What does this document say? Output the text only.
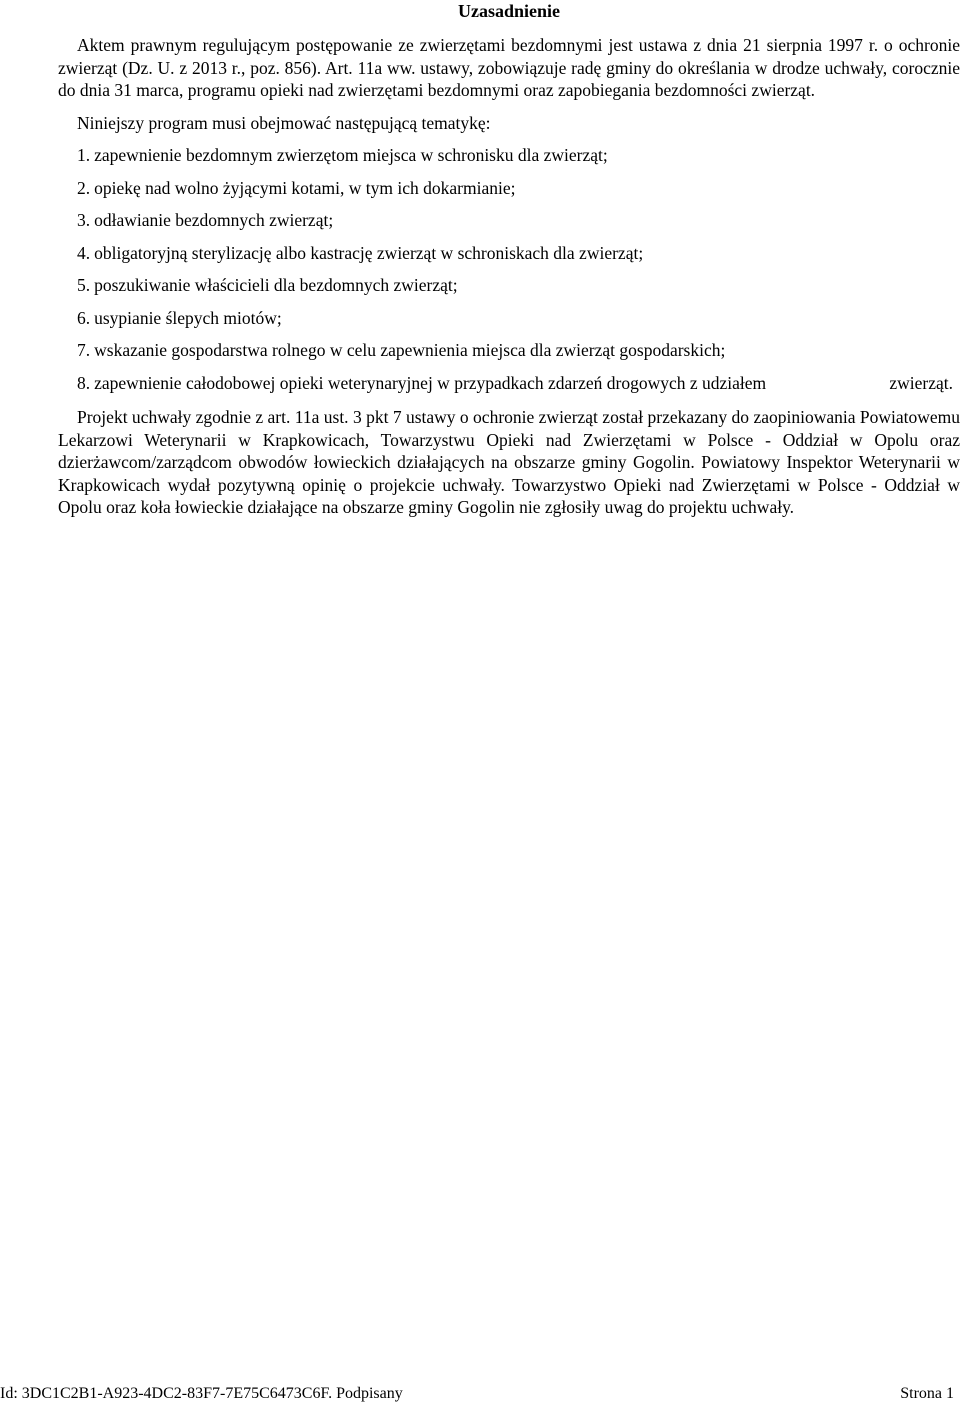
Uzasadnienie

Aktem prawnym regulującym postępowanie ze zwierzętami bezdomnymi jest ustawa z dnia 21 sierpnia 1997 r. o ochronie zwierząt (Dz. U. z 2013 r., poz. 856). Art. 11a ww. ustawy, zobowiązuje radę gminy do określania w drodze uchwały, corocznie do dnia 31 marca, programu opieki nad zwierzętami bezdomnymi oraz zapobiegania bezdomności zwierząt.

Niniejszy program musi obejmować następującą tematykę:

1. zapewnienie bezdomnym zwierzętom miejsca w schronisku dla zwierząt;
2. opiekę nad wolno żyjącymi kotami, w tym ich dokarmianie;
3. odławianie bezdomnych zwierząt;
4. obligatoryjną sterylizację albo kastrację zwierząt w schroniskach dla zwierząt;
5. poszukiwanie właścicieli dla bezdomnych zwierząt;
6. usypianie ślepych miotów;
7. wskazanie gospodarstwa rolnego w celu zapewnienia miejsca dla zwierząt gospodarskich;
8. zapewnienie całodobowej opieki weterynaryjnej w przypadkach zdarzeń drogowych z udziałem	zwierząt.

Projekt uchwały zgodnie z art. 11a ust. 3 pkt 7 ustawy o ochronie zwierząt został przekazany do zaopiniowania Powiatowemu Lekarzowi Weterynarii w Krapkowicach, Towarzystwu Opieki nad Zwierzętami w Polsce - Oddział w Opolu oraz dzierżawcom/zarządcom obwodów łowieckich działających na obszarze gminy Gogolin. Powiatowy Inspektor Weterynarii w Krapkowicach wydał pozytywną opinię o projekcie uchwały. Towarzystwo Opieki nad Zwierzętami w Polsce - Oddział w Opolu oraz koła łowieckie działające na obszarze gminy Gogolin nie zgłosiły uwag do projektu uchwały.

Id: 3DC1C2B1-A923-4DC2-83F7-7E75C6473C6F. Podpisany	Strona 1
